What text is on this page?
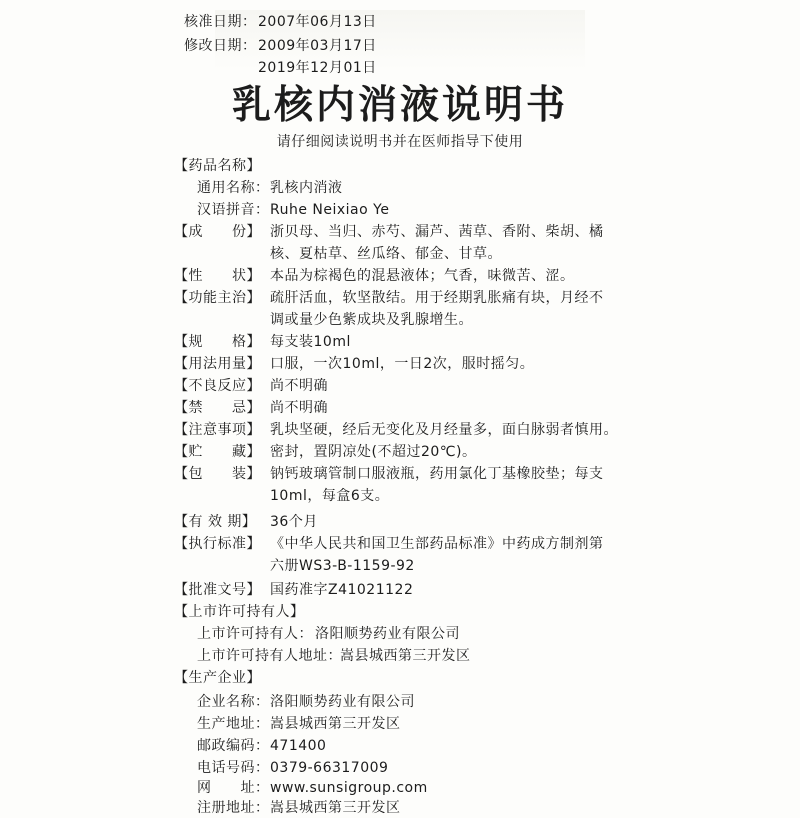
核准日期： 2007年06月13日
修改日期： 2009年03月17日
2019年12月01日
乳核内消液说明书
请仔细阅读说明书并在医师指导下使用
【药品名称】
通用名称： 乳核内消液
汉语拼音： Ruhe Neixiao Ye
【成　　份】 浙贝母、当归、赤芍、漏芦、茜草、香附、柴胡、橘
核、夏枯草、丝瓜络、郁金、甘草。
【性　　状】 本品为棕褐色的混悬液体；气香，味微苦、涩。
【功能主治】 疏肝活血，软坚散结。用于经期乳胀痛有块，月经不
调或量少色紫成块及乳腺增生。
【规　　格】 每支装10ml
【用法用量】 口服，一次10ml，一日2次，服时摇匀。
【不良反应】 尚不明确
【禁　　忌】 尚不明确
【注意事项】 乳块坚硬，经后无变化及月经量多，面白脉弱者慎用。
【贮　　藏】 密封，置阴凉处(不超过20℃)。
【包　　装】 钠钙玻璃管制口服液瓶，药用氯化丁基橡胶垫；每支
10ml，每盒6支。
【有 效 期】 36个月
【执行标准】 《中华人民共和国卫生部药品标准》中药成方制剂第
六册WS3-B-1159-92
【批准文号】 国药准字Z41021122
【上市许可持有人】
上市许可持有人： 洛阳顺势药业有限公司
上市许可持有人地址：
嵩县城西第三开发区
【生产企业】
企业名称： 洛阳顺势药业有限公司
生产地址： 嵩县城西第三开发区
邮政编码： 471400
电话号码： 0379-66317009
网　　址： www.sunsigroup.com
注册地址： 嵩县城西第三开发区
